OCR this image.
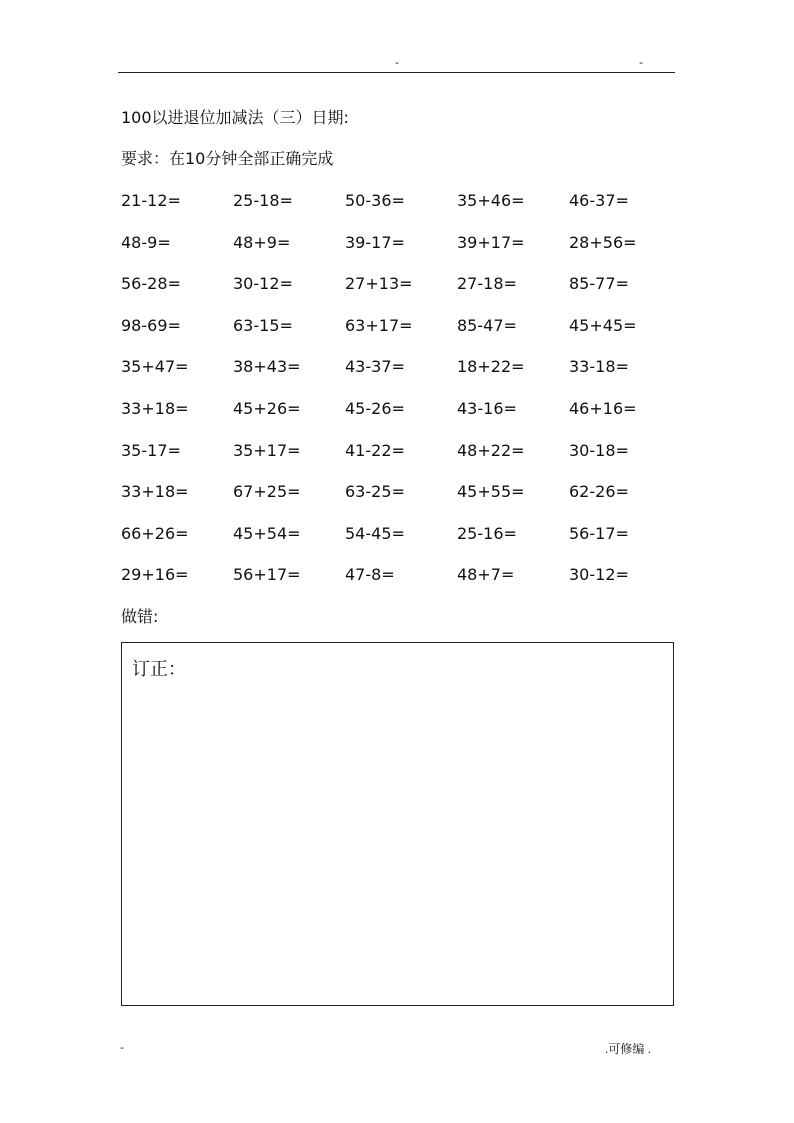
-	-
100以进退位加减法（三）日期:
要求：在10分钟全部正确完成
21-12=	25-18=	50-36=	35+46=	46-37=
48-9=	48+9=	39-17=	39+17=	28+56=
56-28=	30-12=	27+13=	27-18=	85-77=
98-69=	63-15=	63+17=	85-47=	45+45=
35+47=	38+43=	43-37=	18+22=	33-18=
33+18=	45+26=	45-26=	43-16=	46+16=
35-17=	35+17=	41-22=	48+22=	30-18=
33+18=	67+25=	63-25=	45+55=	62-26=
66+26=	45+54=	54-45=	25-16=	56-17=
29+16=	56+17=	47-8=	48+7=	30-12=
做错:
订正：
-	.可修编 .
